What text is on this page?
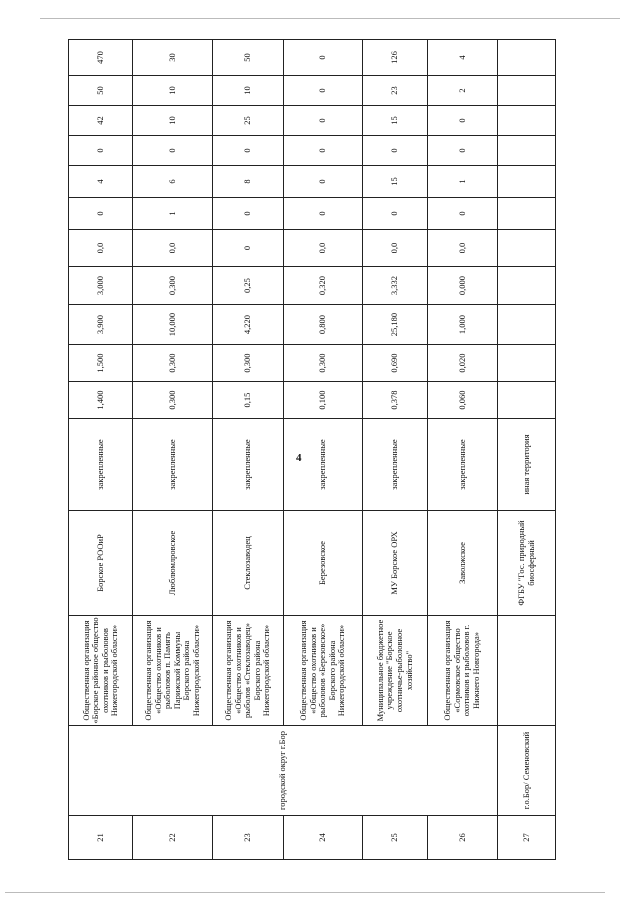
4
21	городской округ г.Бор	Общественная организация «Борское районное общество охотников и рыболовов Нижегородской области»	Борское РООиР	закрепленные	1,400	1,500	3,900	3,000	0,0	0	4	0	42	50	470	
22		Общественная организация «Общество охотников и рыболовов п. Память Парижской Коммуны Борского района Нижегородской области»	Люблюмлровское	закрепленные	0,300	0,300	10,000	0,300	0,0	1	6	0	10	10	30	
23		Общественная организация «Общество охотников и рыболов «Стеклозаводец» Борского района Нижегородской области»	Стеклозаводец	закрепленные	0,15	0,300	4,220	0,25	0	0	8	0	25	10	50	
24		Общественная организация «Общество охотников и рыболовов «Березовское» Борского района Нижегородской области»	Березовское	закрепленные	0,100	0,300	0,800	0,320	0,0	0	0	0	0	0	0	
25		Муниципальное бюджетное учреждение "Борское охотничье-рыболовное хозяйство"	МУ Борское ОРХ	закрепленные	0,378	0,690	25,180	3,332	0,0	0	15	0	15	23	126	
26		Общественная организация «Сормовское общество охотников и рыболовов г. Нижнего Новгорода»	Заволжское	закрепленные	0,060	0,020	1,000	0,000	0,0	0	1	0	0	2	4	
27	г.о.Бор/ Семеновский		ФГБУ "Гос. природный биосферный	иная территория												
